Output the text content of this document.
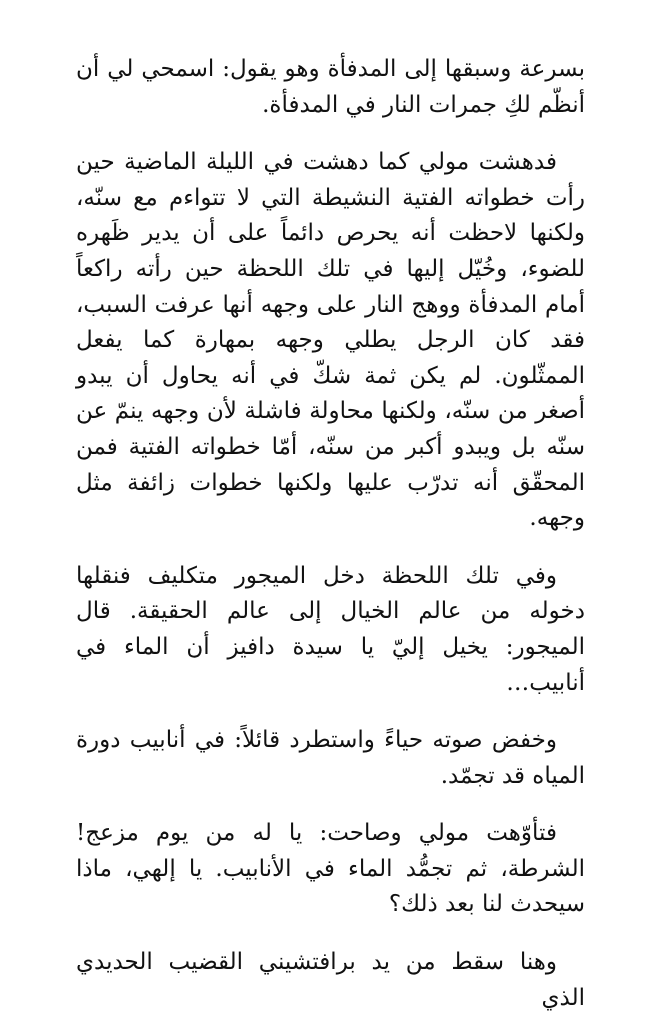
بسرعة وسبقها إلى المدفأة وهو يقول: اسمحي لي أن أنظّم لكِ جمرات النار في المدفأة.

فدهشت مولي كما دهشت في الليلة الماضية حين رأت خطواته الفتية النشيطة التي لا تتواءم مع سنّه، ولكنها لاحظت أنه يحرص دائماً على أن يدير ظَهره للضوء، وخُيّل إليها في تلك اللحظة حين رأته راكعاً أمام المدفأة ووهج النار على وجهه أنها عرفت السبب، فقد كان الرجل يطلي وجهه بمهارة كما يفعل الممثّلون. لم يكن ثمة شكّ في أنه يحاول أن يبدو أصغر من سنّه، ولكنها محاولة فاشلة لأن وجهه ينمّ عن سنّه بل ويبدو أكبر من سنّه، أمّا خطواته الفتية فمن المحقّق أنه تدرّب عليها ولكنها خطوات زائفة مثل وجهه.

وفي تلك اللحظة دخل الميجور متكليف فنقلها دخوله من عالم الخيال إلى عالم الحقيقة. قال الميجور: يخيل إليّ يا سيدة دافيز أن الماء في أنابيب…

وخفض صوته حياءً واستطرد قائلاً: في أنابيب دورة المياه قد تجمّد.

فتأوّهت مولي وصاحت: يا له من يوم مزعج! الشرطة، ثم تجمُّد الماء في الأنابيب. يا إلهي، ماذا سيحدث لنا بعد ذلك؟

وهنا سقط من يد برافتشيني القضيب الحديدي الذي
